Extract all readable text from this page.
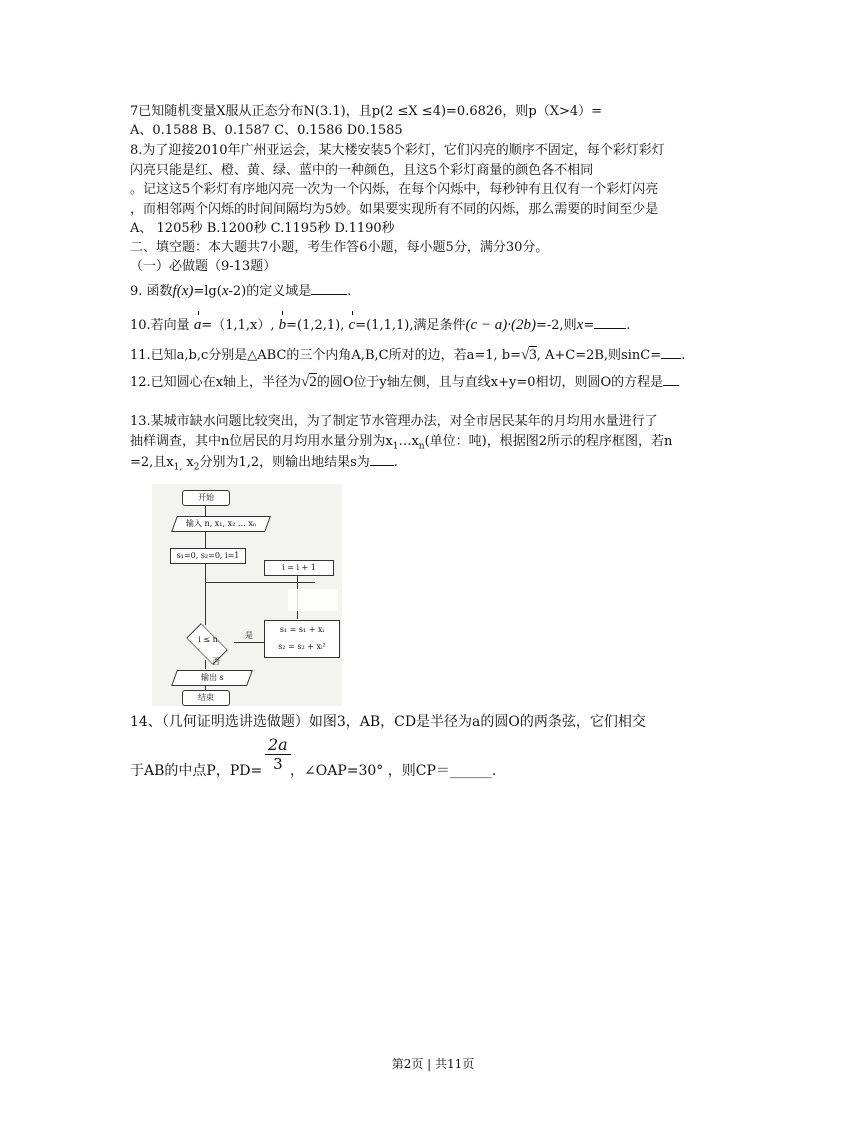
7已知随机变量X服从正态分布N(3.1)，且p(2 ≤X ≤4)=0.6826，则p（X>4）=
A、0.1588 B、0.1587 C、0.1586 D0.1585
8.为了迎接2010年广州亚运会，某大楼安装5个彩灯，它们闪亮的顺序不固定，每个彩灯彩灯
闪亮只能是红、橙、黄、绿、蓝中的一种颜色，且这5个彩灯商量的颜色各不相同
。记这这5个彩灯有序地闪亮一次为一个闪烁，在每个闪烁中，每秒钟有且仅有一个彩灯闪亮
，而相邻两个闪烁的时间间隔均为5妙。如果要实现所有不同的闪烁，那么需要的时间至少是
A、 1205秒 B.1200秒 C.1195秒 D.1190秒
二、填空题：本大题共7小题，考生作答6小题，每小题5分，满分30分。
（一）必做题（9-13题）
9. 函数f(x)=lg(x-2)的定义域是	.
10.若向量 a=（1,1,x）, b=(1,2,1), c=(1,1,1),满足条件(c − a)·(2b)=-2,则x= .
11.已知a,b,c分别是△ABC的三个内角A,B,C所对的边，若a=1, b=√3, A+C=2B,则sinC= .
12.已知圆心在x轴上，半径为√2的圆O位于y轴左侧，且与直线x+y=0相切，则圆O的方程是
13.某城市缺水问题比较突出，为了制定节水管理办法，对全市居民某年的月均用水量进行了
抽样调查，其中n位居民的月均用水量分别为$x_1\dots x_n$(单位：吨)，根据图2所示的程序框图，若n
=2,且$x_{1,}$ $x_2$分别为1,2，则输出地结果s为 .
开始
输入 n, x₁, x₂ … xₙ
s₁=0, s₂=0, i=1
i = i + 1
i ≤ n	是
s₁ = s₁ + xᵢ
s₂ = s₂ + xᵢ²
否
输出 s
结束
14、（几何证明选讲选做题）如图3，AB，CD是半径为a的圆O的两条弦，它们相交
于AB的中点P，$PD= \frac{2a}{3}$ ，∠OAP=30° ，则CP＝______.
第2页 | 共11页
